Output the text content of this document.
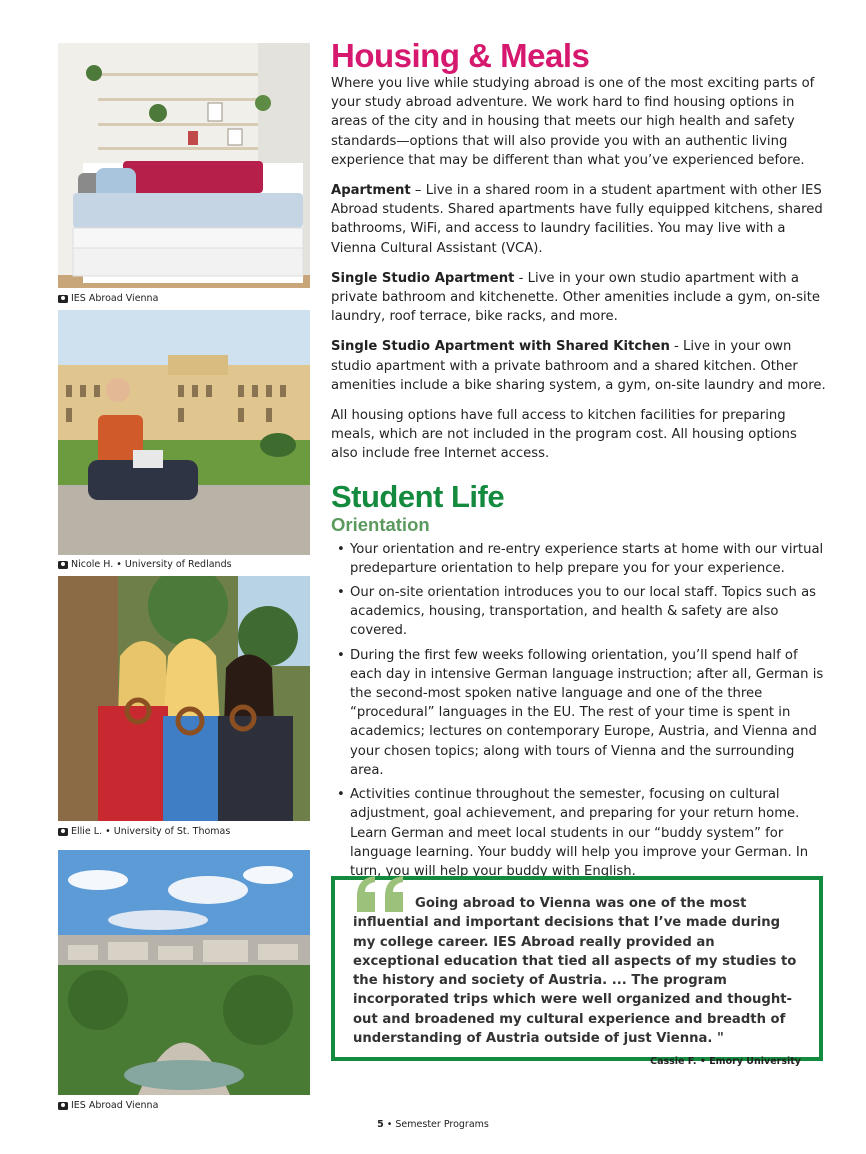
IES Abroad Vienna
Nicole H. • University of Redlands
Ellie L. • University of St. Thomas
IES Abroad Vienna
Housing & Meals

Where you live while studying abroad is one of the most exciting parts of your study abroad adventure. We work hard to find housing options in areas of the city and in housing that meets our high health and safety standards—options that will also provide you with an authentic living experience that may be different than what you’ve experienced before.

Apartment – Live in a shared room in a student apartment with other IES Abroad students. Shared apartments have fully equipped kitchens, shared bathrooms, WiFi, and access to laundry facilities. You may live with a Vienna Cultural Assistant (VCA).

Single Studio Apartment - Live in your own studio apartment with a private bathroom and kitchenette. Other amenities include a gym, on-site laundry, roof terrace, bike racks, and more.

Single Studio Apartment with Shared Kitchen - Live in your own studio apartment with a private bathroom and a shared kitchen. Other amenities include a bike sharing system, a gym, on-site laundry and more.

All housing options have full access to kitchen facilities for preparing meals, which are not included in the program cost. All housing options also include free Internet access.

Student Life
Orientation
• Your orientation and re-entry experience starts at home with our virtual predeparture orientation to help prepare you for your experience.
• Our on-site orientation introduces you to our local staff. Topics such as academics, housing, transportation, and health & safety are also covered.
• During the first few weeks following orientation, you’ll spend half of each day in intensive German language instruction; after all, German is the second-most spoken native language and one of the three “procedural” languages in the EU. The rest of your time is spent in academics; lectures on contemporary Europe, Austria, and Vienna and your chosen topics; along with tours of Vienna and the surrounding area.
• Activities continue throughout the semester, focusing on cultural adjustment, goal achievement, and preparing for your return home. Learn German and meet local students in our “buddy system” for language learning. Your buddy will help you improve your German. In turn, you will help your buddy with English.

Going abroad to Vienna was one of the most influential and important decisions that I’ve made during my college career. IES Abroad really provided an exceptional education that tied all aspects of my studies to the history and society of Austria. ... The program incorporated trips which were well organized and thought-out and broadened my cultural experience and breadth of understanding of Austria outside of just Vienna. "

Cassie F. • Emory University

5 • Semester Programs
